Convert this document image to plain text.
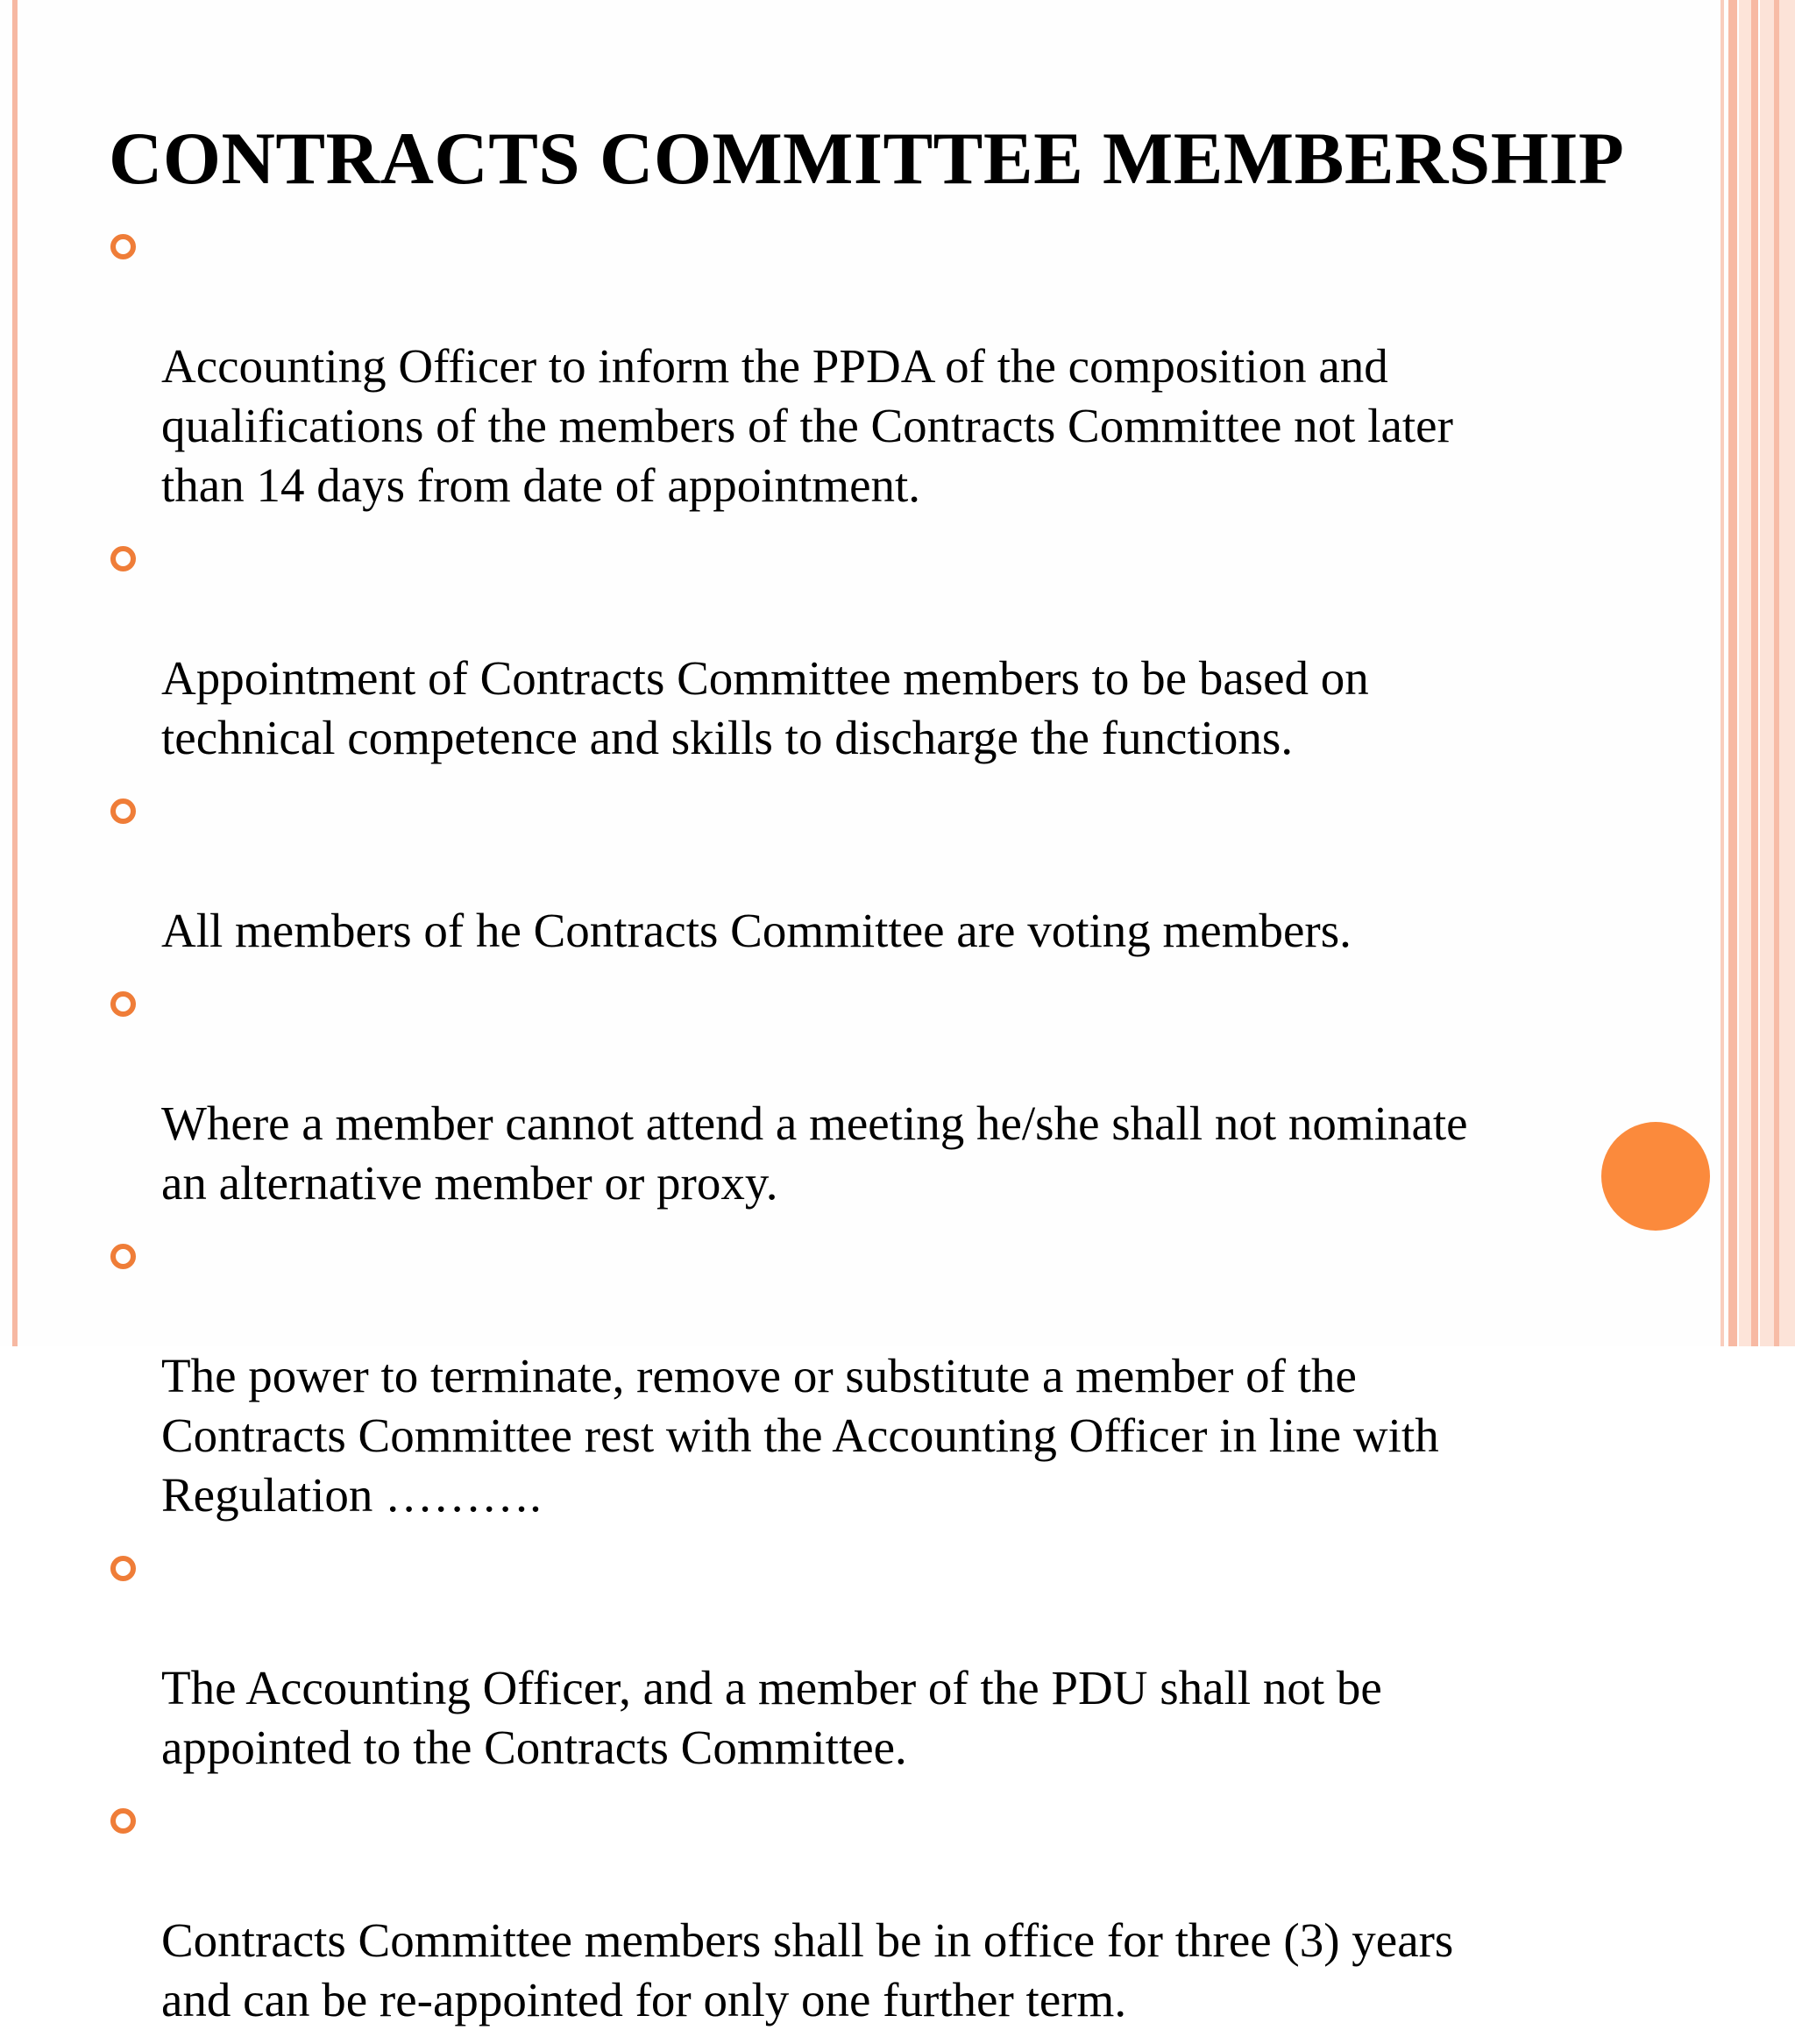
CONTRACTS COMMITTEE MEMBERSHIP

Accounting Officer to inform the PPDA of the composition and
qualifications of the members of the Contracts Committee not later
than 14 days from date of appointment.

Appointment of Contracts Committee members to be based on
technical competence and skills to discharge the functions.

All members of he Contracts Committee are voting members.

Where a member cannot attend a meeting he/she shall not nominate
an alternative member or proxy.

The power to terminate, remove or substitute a member of the
Contracts Committee rest with the Accounting Officer in line with
Regulation ……….

The Accounting Officer, and a member of the PDU shall not be
appointed to the Contracts Committee.

Contracts Committee members shall be in office for three (3) years
and can be re-appointed for only one further term.
